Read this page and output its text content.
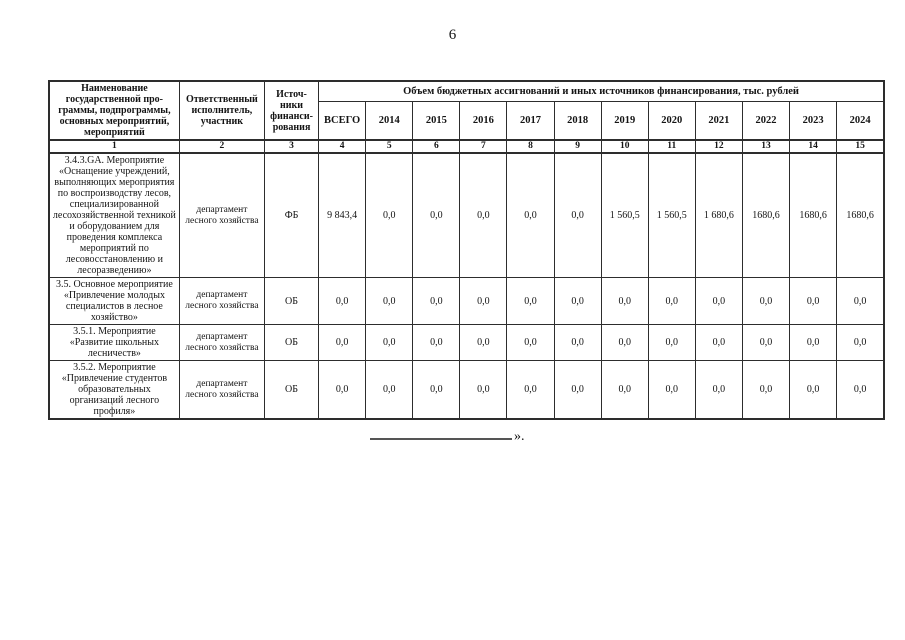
6
Наименование государственной про-граммы, подпрограммы, основных мероприятий, мероприятий	Ответственный исполнитель, участник	Источ-ники финанси-рования	Объем бюджетных ассигнований и иных источников финансирования, тыс. рублей											
			ВСЕГО	2014	2015	2016	2017	2018	2019	2020	2021	2022	2023	2024
1	2	3	4	5	6	7	8	9	10	11	12	13	14	15
3.4.3.GA. Мероприятие «Оснащение учреждений, выполняющих мероприятия по воспроизводству лесов, специализированной лесохозяйственной техникой и оборудованием для проведения комплекса мероприятий по лесовосстановлению и лесоразведению»	департамент лесного хозяйства	ФБ	9 843,4	0,0	0,0	0,0	0,0	0,0	1 560,5	1 560,5	1 680,6	1680,6	1680,6	1680,6
3.5. Основное мероприятие «Привлечение молодых специалистов в лесное хозяйство»	департамент лесного хозяйства	ОБ	0,0	0,0	0,0	0,0	0,0	0,0	0,0	0,0	0,0	0,0	0,0	0,0
3.5.1. Мероприятие «Развитие школьных лесничеств»	департамент лесного хозяйства	ОБ	0,0	0,0	0,0	0,0	0,0	0,0	0,0	0,0	0,0	0,0	0,0	0,0
3.5.2. Мероприятие «Привлечение студентов образовательных организаций лесного профиля»	департамент лесного хозяйства	ОБ	0,0	0,0	0,0	0,0	0,0	0,0	0,0	0,0	0,0	0,0	0,0	0,0
».
